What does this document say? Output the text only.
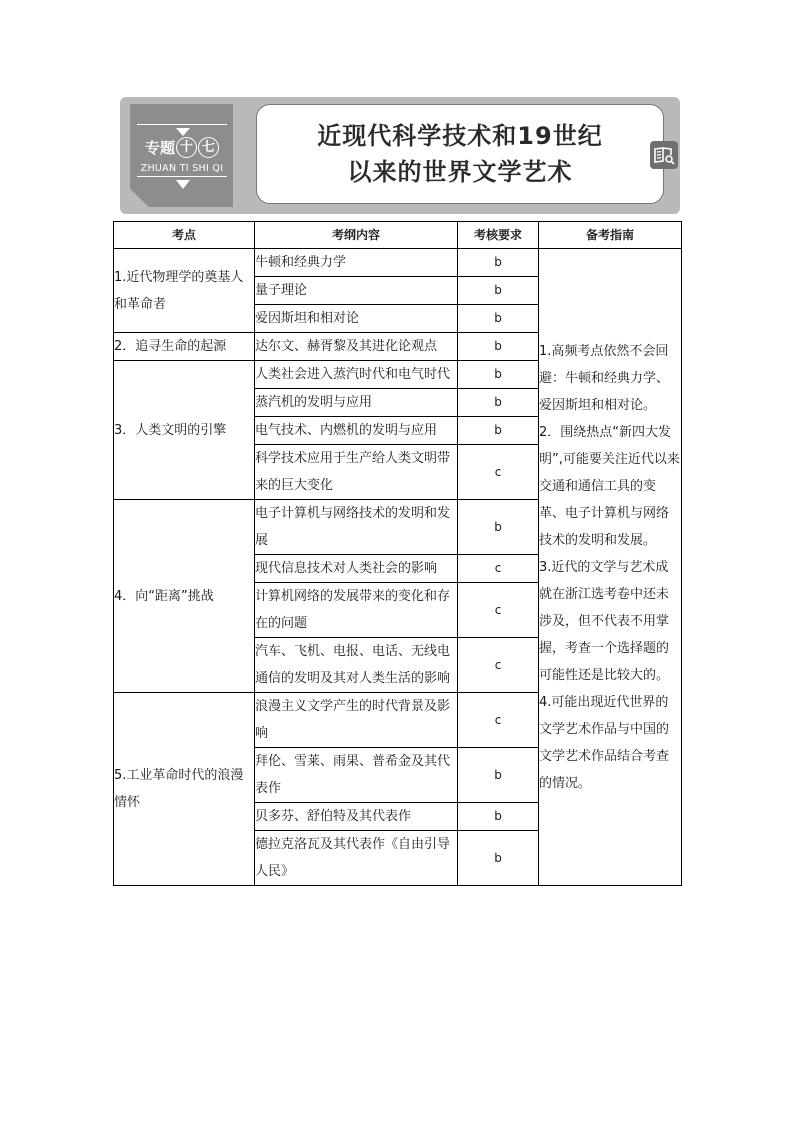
专题 十 七
ZHUAN TI SHI QI
近现代科学技术和19世纪
以来的世界文学艺术
考点	考纲内容	考核要求	备考指南
1.近代物理学的奠基人和革命者	牛顿和经典力学	b	1.高频考点依然不会回避：牛顿和经典力学、爱因斯坦和相对论。

2．围绕热点“新四大发明”,可能要关注近代以来交通和通信工具的变革、电子计算机与网络技术的发明和发展。

3.近代的文学与艺术成就在浙江选考卷中还未涉及，但不代表不用掌握，考查一个选择题的可能性还是比较大的。

4.可能出现近代世界的文学艺术作品与中国的文学艺术作品结合考查的情况。

	量子理论	b	
	爱因斯坦和相对论	b	
2．追寻生命的起源	达尔文、赫胥黎及其进化论观点	b	
3．人类文明的引擎	人类社会进入蒸汽时代和电气时代	b	
	蒸汽机的发明与应用	b	
	电气技术、内燃机的发明与应用	b	
	科学技术应用于生产给人类文明带来的巨大变化	c	
4．向“距离”挑战	电子计算机与网络技术的发明和发展	b	
	现代信息技术对人类社会的影响	c	
	计算机网络的发展带来的变化和存在的问题	c	
	汽车、飞机、电报、电话、无线电通信的发明及其对人类生活的影响	c	
5.工业革命时代的浪漫情怀	浪漫主义文学产生的时代背景及影响	c	
	拜伦、雪莱、雨果、普希金及其代表作	b	
	贝多芬、舒伯特及其代表作	b	
	德拉克洛瓦及其代表作《自由引导人民》	b	
